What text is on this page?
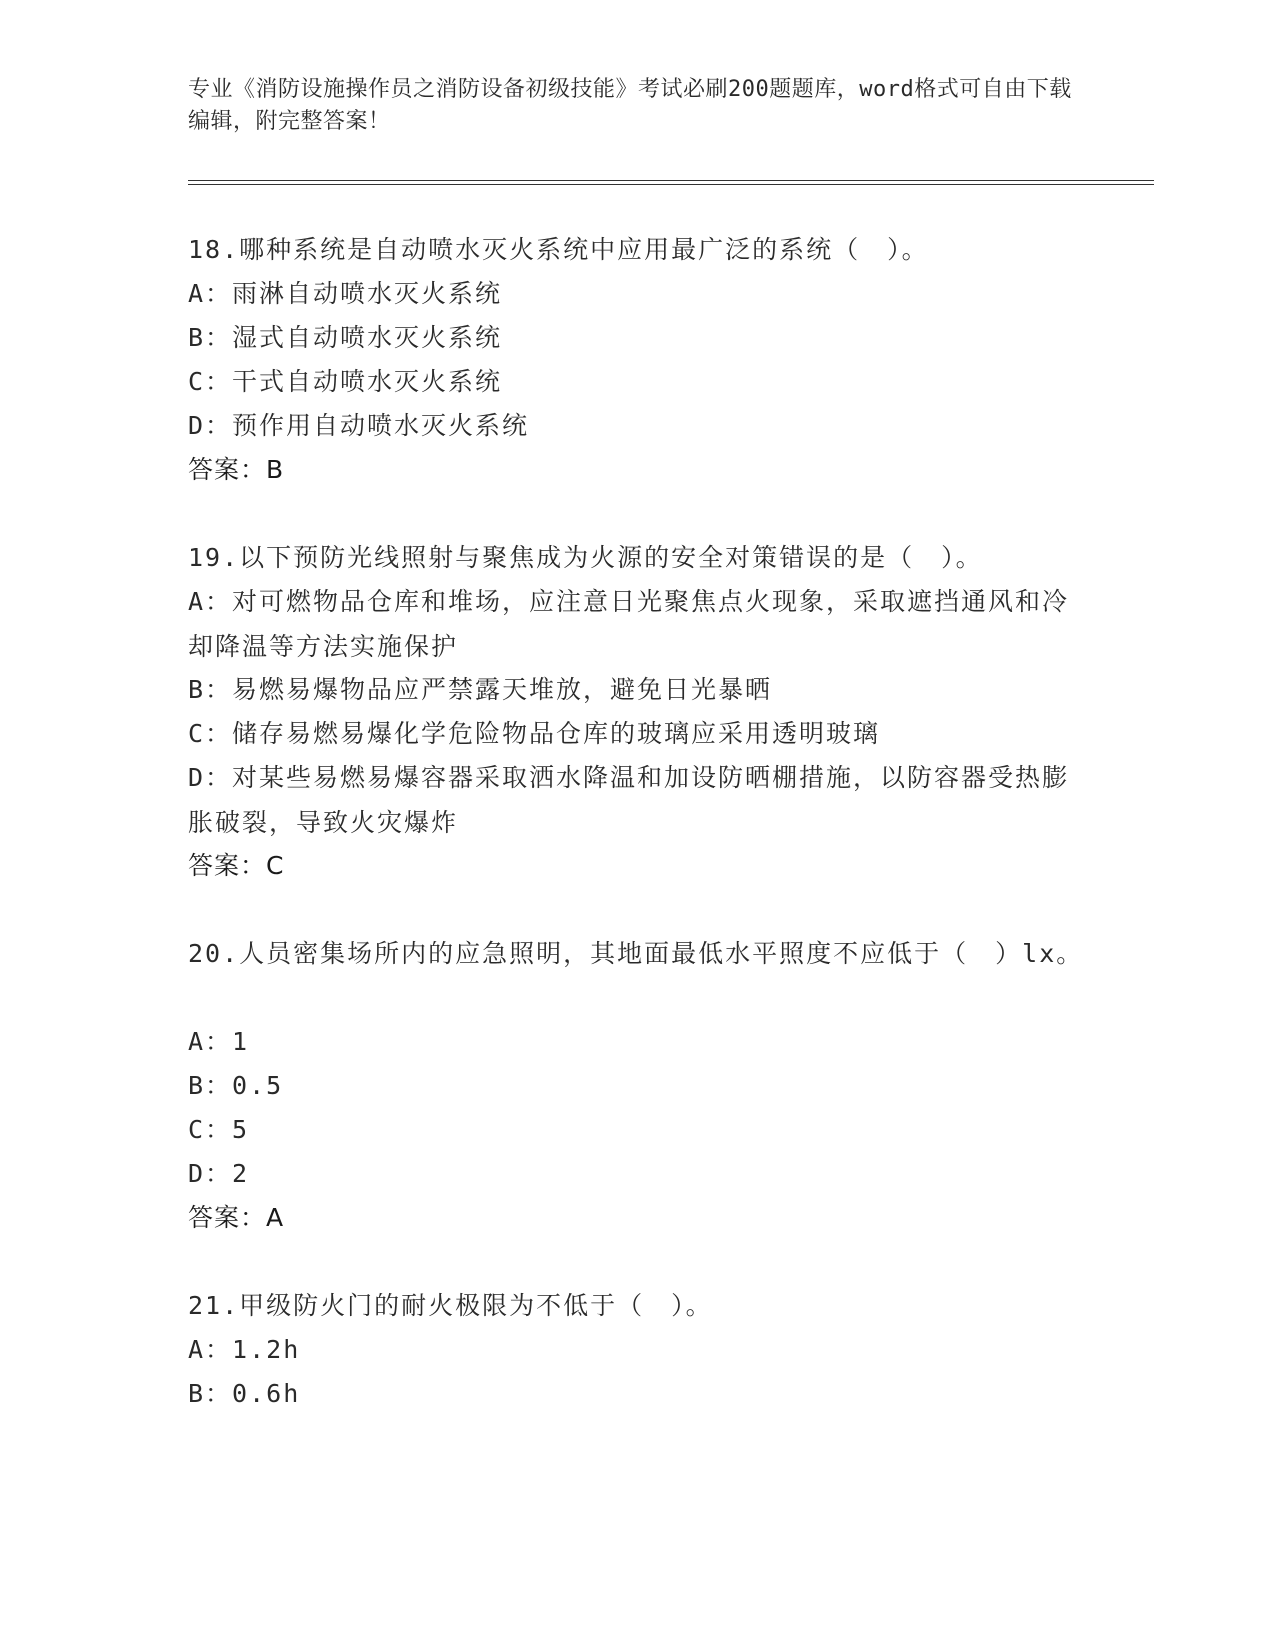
专业《消防设施操作员之消防设备初级技能》考试必刷200题题库，word格式可自由下载编辑，附完整答案！
18.哪种系统是自动喷水灭火系统中应用最广泛的系统（　）。
A：雨淋自动喷水灭火系统
B：湿式自动喷水灭火系统
C：干式自动喷水灭火系统
D：预作用自动喷水灭火系统
答案：B
19.以下预防光线照射与聚焦成为火源的安全对策错误的是（　）。
A：对可燃物品仓库和堆场，应注意日光聚焦点火现象，采取遮挡通风和冷却降温等方法实施保护
B：易燃易爆物品应严禁露天堆放，避免日光暴晒
C：储存易燃易爆化学危险物品仓库的玻璃应采用透明玻璃
D：对某些易燃易爆容器采取洒水降温和加设防晒棚措施，以防容器受热膨胀破裂，导致火灾爆炸
答案：C
20.人员密集场所内的应急照明，其地面最低水平照度不应低于（　）lx。
A：1
B：0.5
C：5
D：2
答案：A
21.甲级防火门的耐火极限为不低于（　）。
A：1.2h
B：0.6h
